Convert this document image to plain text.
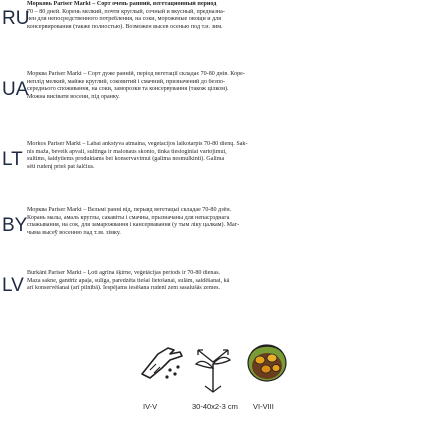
RU
Морковь Pariser Markt – Сорт очень ранний, вегетационный период
70 – 80 дней. Корень мелкий, почти круглый, сочный и вкусный, предназна-
чен для непосредственного потребления, на соки, мороженые овощи и для
консервирования (также полностью). Возможен высев осенью под т.н. зим.
UA
Морква Pariser Markt – Сорт дуже ранній, період вегетації складає 70-80 днів. Коре-
неплід мелкий, майже круглий, соковитий і смачний, призначений до безпо-
середнього споживання, на соки, заморозки та консервування (також цілком).
Можна висівати восени, під оранку.
LT
Morkos Pariser Markt – Labai ankstyva atmaina, vegetacijos laikotarpis 70-80 dienų. Šak-
nis maža, beveik apvali, sultinga ir malonaus skonio, tinka tiesioginiai vartojimui,
sultims, šaldytiems produktams bei konservavimui (galima nesmulkinti). Galima
sėti rudenį prieš pat šalčius.
BY
Морква Pariser Markt – Вельмі ранні від, перыяд вегетацыі складае 70-80 дзён.
Корань малы, амаль круглы, сакавіты і смачны, прызначаны для непасрэднага
спажывання, на сок, для замарожвання і кансервавання (у тым ліку цалкам). Маг-
чыма высеў восенню пад т.зв. зімку.
LV
Burkāni Pariser Markt – Ļoti agrīna šķirne, veģetācijas periods ir 70-80 dienas.
Maza sakne, gandrīz apaļa, sulīga, paredzēta tiešai lietošanai, sulām, saldēšanai, kā
arī konservēšanai (arī pilnībā). Iespējams iesēšana rudenī zem sasalušās zemes.
IV-V	30-40x2-3 cm VI-VIII
